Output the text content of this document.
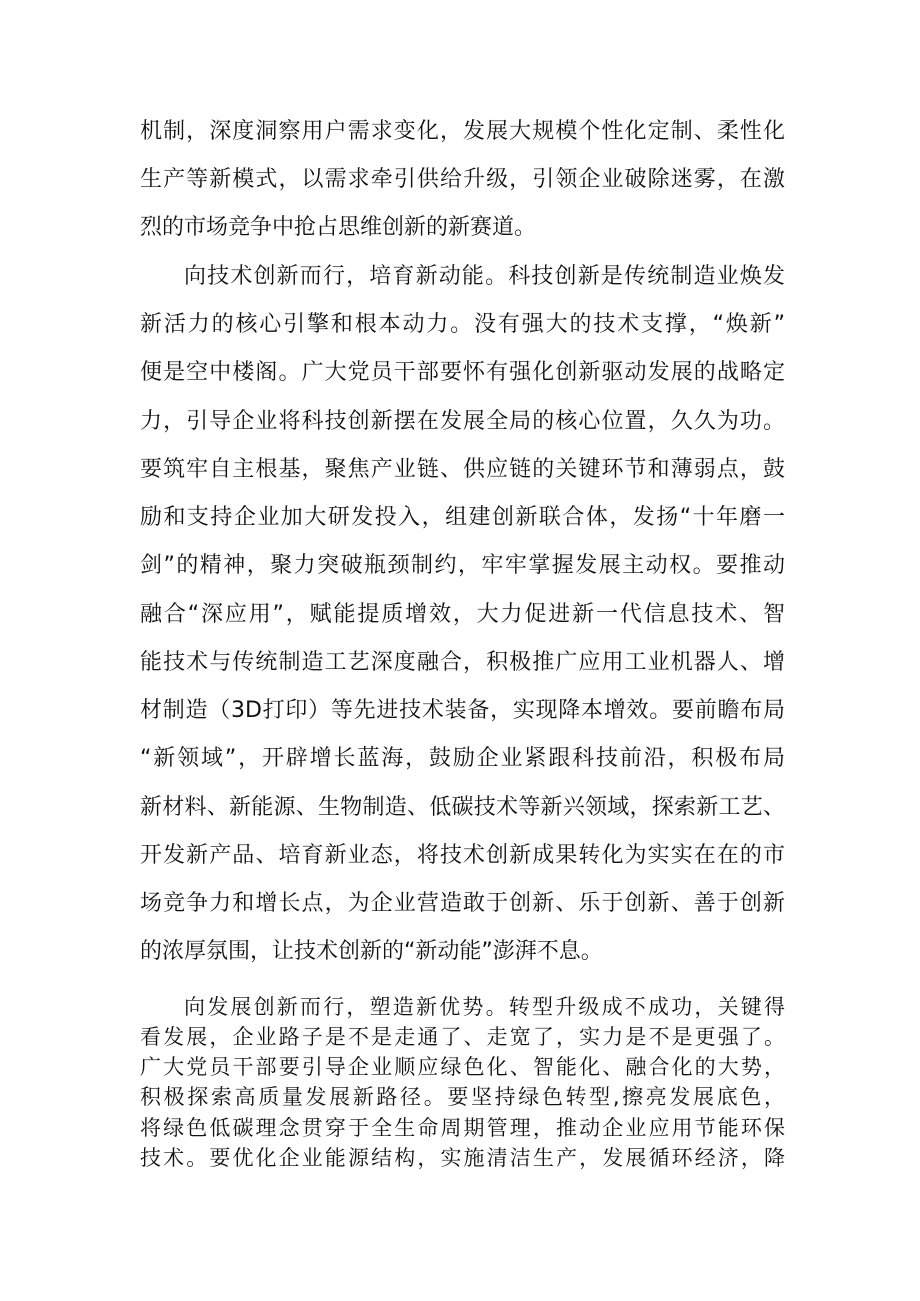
机制，深度洞察用户需求变化，发展大规模个性化定制、柔性化
生产等新模式，以需求牵引供给升级，引领企业破除迷雾，在激
烈的市场竞争中抢占思维创新的新赛道。
向技术创新而行，培育新动能。科技创新是传统制造业焕发
新活力的核心引擎和根本动力。没有强大的技术支撑，“焕新”
便是空中楼阁。广大党员干部要怀有强化创新驱动发展的战略定
力，引导企业将科技创新摆在发展全局的核心位置，久久为功。
要筑牢自主根基，聚焦产业链、供应链的关键环节和薄弱点，鼓
励和支持企业加大研发投入，组建创新联合体，发扬“十年磨一
剑”的精神，聚力突破瓶颈制约，牢牢掌握发展主动权。要推动
融合“深应用”，赋能提质增效，大力促进新一代信息技术、智
能技术与传统制造工艺深度融合，积极推广应用工业机器人、增
材制造（3D打印）等先进技术装备，实现降本增效。要前瞻布局
“新领域”，开辟增长蓝海，鼓励企业紧跟科技前沿，积极布局
新材料、新能源、生物制造、低碳技术等新兴领域，探索新工艺、
开发新产品、培育新业态，将技术创新成果转化为实实在在的市
场竞争力和增长点，为企业营造敢于创新、乐于创新、善于创新
的浓厚氛围，让技术创新的“新动能”澎湃不息。
向发展创新而行，塑造新优势。转型升级成不成功，关键得
看发展，企业路子是不是走通了、走宽了，实力是不是更强了。
广大党员干部要引导企业顺应绿色化、智能化、融合化的大势，
积极探索高质量发展新路径。要坚持绿色转型,擦亮发展底色，
将绿色低碳理念贯穿于全生命周期管理，推动企业应用节能环保
技术。要优化企业能源结构，实施清洁生产，发展循环经济，降
